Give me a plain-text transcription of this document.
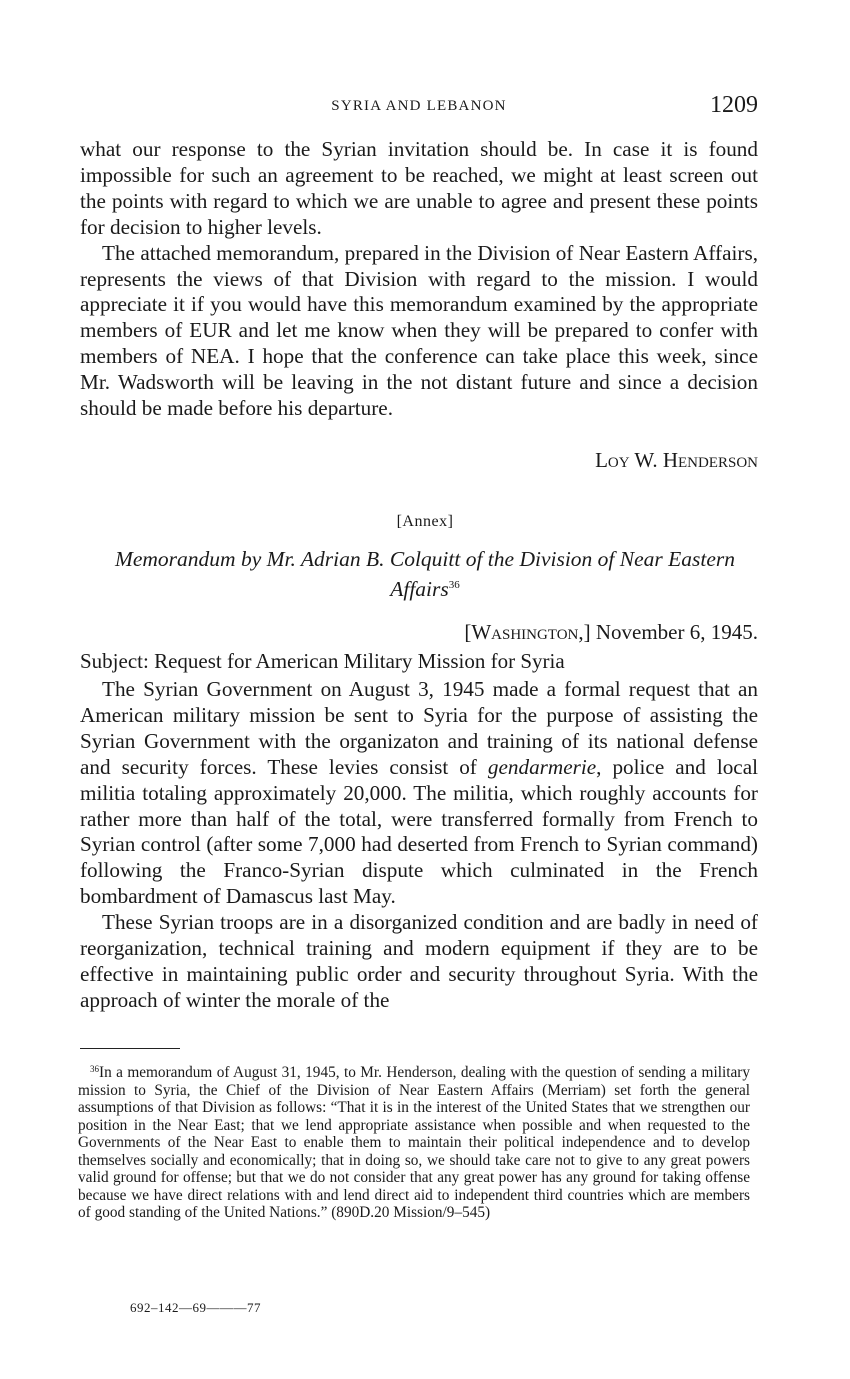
SYRIA AND LEBANON	1209

what our response to the Syrian invitation should be. In case it is found impossible for such an agreement to be reached, we might at least screen out the points with regard to which we are unable to agree and present these points for decision to higher levels.

The attached memorandum, prepared in the Division of Near Eastern Affairs, represents the views of that Division with regard to the mission. I would appreciate it if you would have this memorandum examined by the appropriate members of EUR and let me know when they will be prepared to confer with members of NEA. I hope that the conference can take place this week, since Mr. Wadsworth will be leaving in the not distant future and since a decision should be made before his departure.

Loy W. Henderson
[Annex]
Memorandum by Mr. Adrian B. Colquitt of the Division of Near Eastern Affairs$^{36}$
[Washington,] November 6, 1945.
Subject: Request for American Military Mission for Syria

The Syrian Government on August 3, 1945 made a formal request that an American military mission be sent to Syria for the purpose of assisting the Syrian Government with the organizaton and training of its national defense and security forces. These levies consist of gendarmerie, police and local militia totaling approximately 20,000. The militia, which roughly accounts for rather more than half of the total, were transferred formally from French to Syrian control (after some 7,000 had deserted from French to Syrian command) following the Franco-Syrian dispute which culminated in the French bombardment of Damascus last May.

These Syrian troops are in a disorganized condition and are badly in need of reorganization, technical training and modern equipment if they are to be effective in maintaining public order and security throughout Syria. With the approach of winter the morale of the

$^{36}$In a memorandum of August 31, 1945, to Mr. Henderson, dealing with the question of sending a military mission to Syria, the Chief of the Division of Near Eastern Affairs (Merriam) set forth the general assumptions of that Division as follows: “That it is in the interest of the United States that we strengthen our position in the Near East; that we lend appropriate assistance when possible and when requested to the Governments of the Near East to enable them to maintain their political independence and to develop themselves socially and economically; that in doing so, we should take care not to give to any great powers valid ground for offense; but that we do not consider that any great power has any ground for taking offense because we have direct relations with and lend direct aid to independent third countries which are members of good standing of the United Nations.” (890D.20 Mission/9–545)

692–142—69———77
